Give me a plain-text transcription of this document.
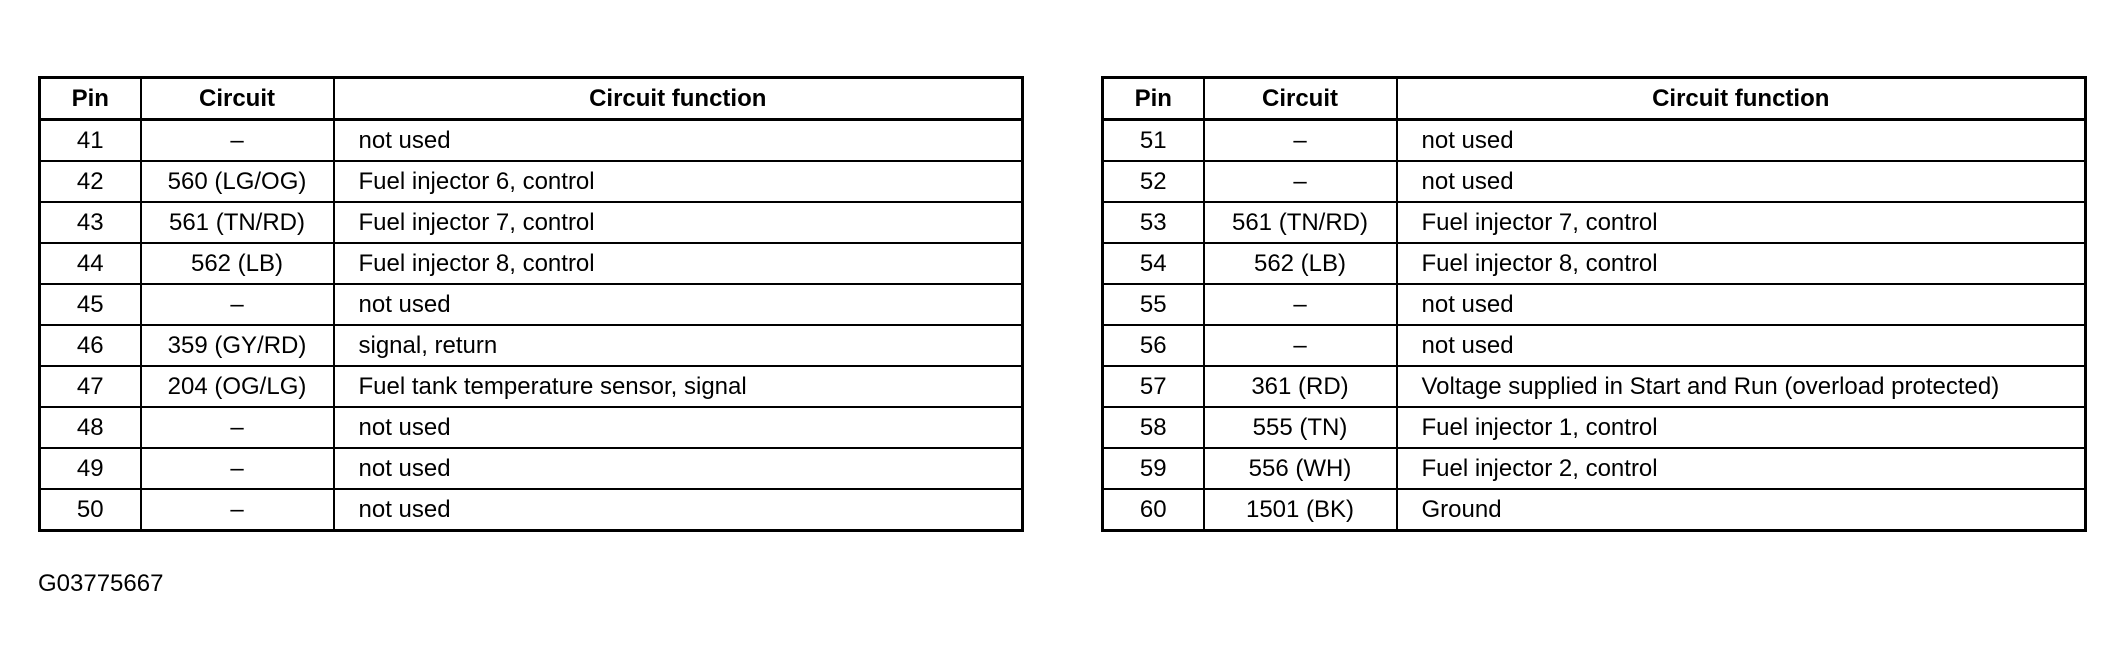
Pin	Circuit	Circuit function
41	–	not used
42	560 (LG/OG)	Fuel injector 6, control
43	561 (TN/RD)	Fuel injector 7, control
44	562 (LB)	Fuel injector 8, control
45	–	not used
46	359 (GY/RD)	signal, return
47	204 (OG/LG)	Fuel tank temperature sensor, signal
48	–	not used
49	–	not used
50	–	not used
Pin	Circuit	Circuit function
51	–	not used
52	–	not used
53	561 (TN/RD)	Fuel injector 7, control
54	562 (LB)	Fuel injector 8, control
55	–	not used
56	–	not used
57	361 (RD)	Voltage supplied in Start and Run (overload protected)
58	555 (TN)	Fuel injector 1, control
59	556 (WH)	Fuel injector 2, control
60	1501 (BK)	Ground
G03775667
